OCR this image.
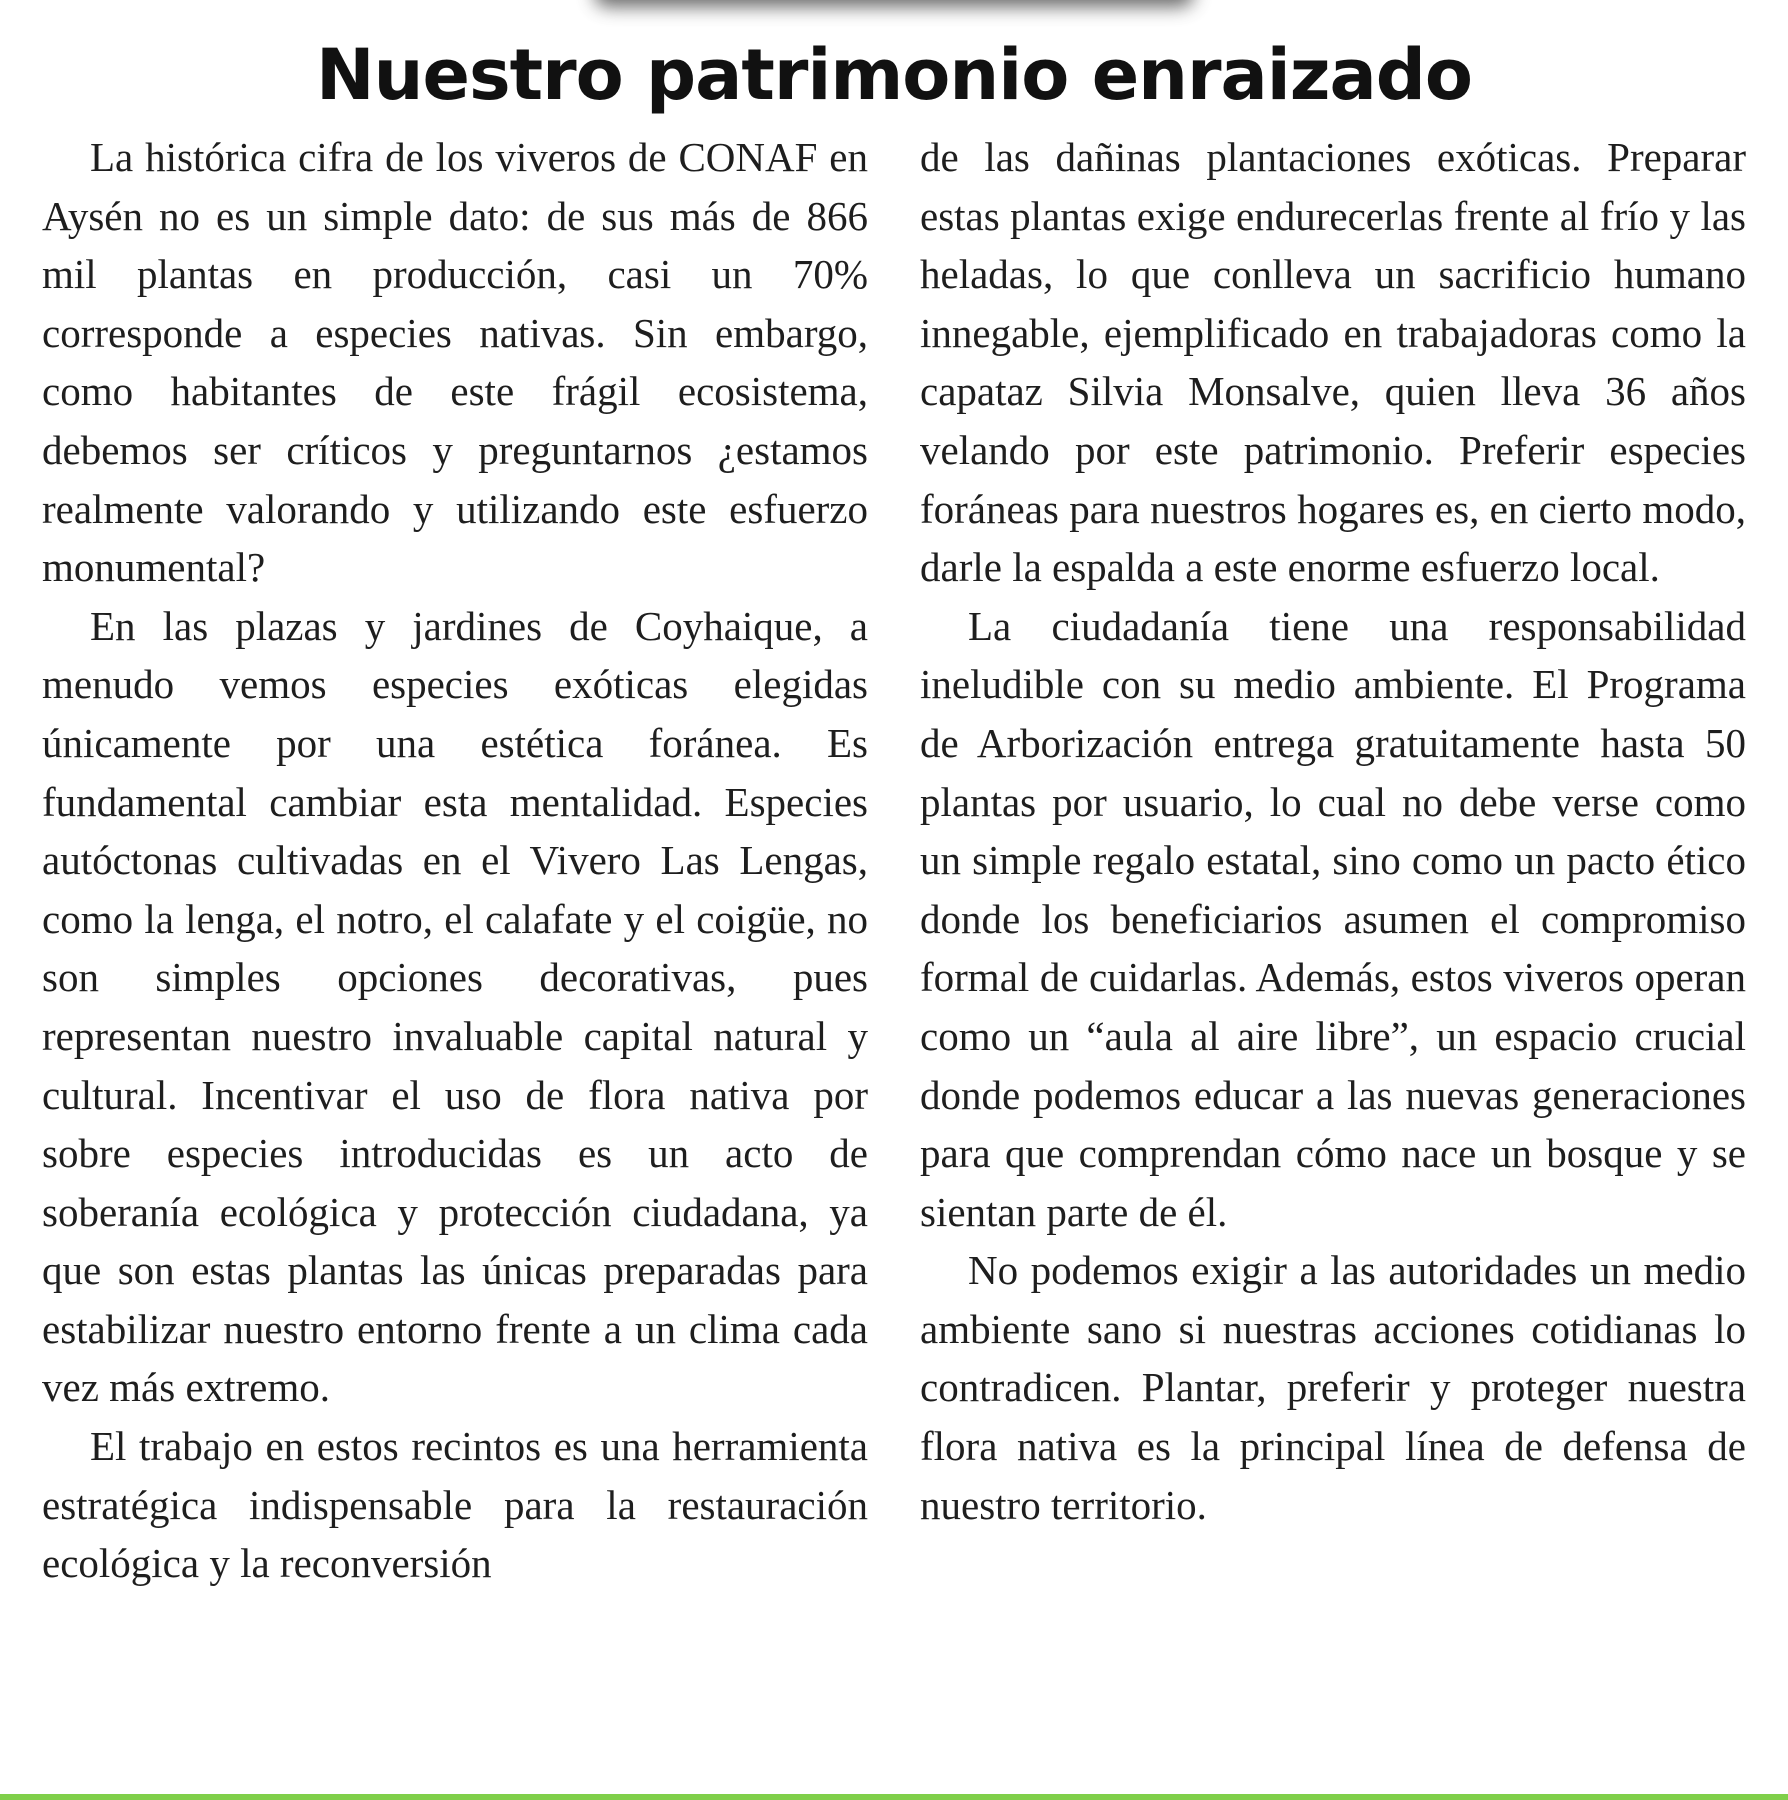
Nuestro patrimonio enraizado

La histórica cifra de los viveros de CONAF en Aysén no es un simple dato: de sus más de 866 mil plantas en producción, casi un 70% corresponde a especies nativas. Sin embargo, como habitantes de este frágil ecosistema, debemos ser críticos y preguntarnos ¿estamos realmente valorando y utilizando este esfuerzo monumental?

En las plazas y jardines de Coyhaique, a menudo vemos especies exóticas elegidas únicamente por una estética foránea. Es fundamental cambiar esta mentalidad. Especies autóctonas cultivadas en el Vivero Las Lengas, como la lenga, el notro, el calafate y el coigüe, no son simples opciones decorativas, pues representan nuestro invaluable capital natural y cultural. Incentivar el uso de flora nativa por sobre especies introducidas es un acto de soberanía ecológica y protección ciudadana, ya que son estas plantas las únicas preparadas para estabilizar nuestro entorno frente a un clima cada vez más extremo.

El trabajo en estos recintos es una herramienta estratégica indispensable para la restauración ecológica y la reconversión

de las dañinas plantaciones exóticas. Preparar estas plantas exige endurecerlas frente al frío y las heladas, lo que conlleva un sacrificio humano innegable, ejemplificado en trabajadoras como la capataz Silvia Monsalve, quien lleva 36 años velando por este patrimonio. Preferir especies foráneas para nuestros hogares es, en cierto modo, darle la espalda a este enorme esfuerzo local.

La ciudadanía tiene una responsabilidad ineludible con su medio ambiente. El Programa de Arborización entrega gratuitamente hasta 50 plantas por usuario, lo cual no debe verse como un simple regalo estatal, sino como un pacto ético donde los beneficiarios asumen el compromiso formal de cuidarlas. Además, estos viveros operan como un “aula al aire libre”, un espacio crucial donde podemos educar a las nuevas generaciones para que comprendan cómo nace un bosque y se sientan parte de él.

No podemos exigir a las autoridades un medio ambiente sano si nuestras acciones cotidianas lo contradicen. Plantar, preferir y proteger nuestra flora nativa es la principal línea de defensa de nuestro territorio.
